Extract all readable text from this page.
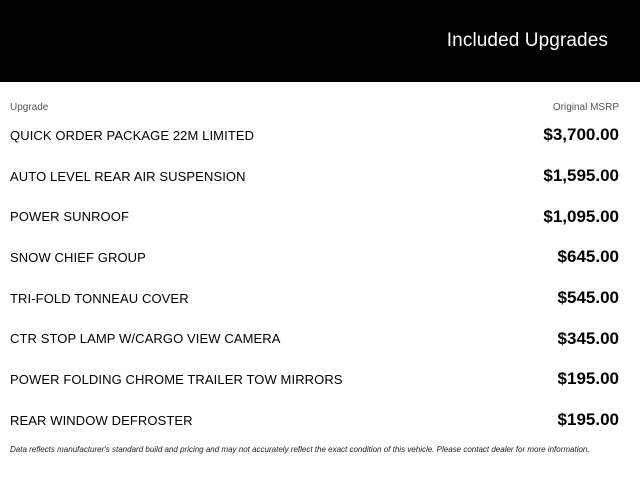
Included Upgrades
Upgrade	Original MSRP
QUICK ORDER PACKAGE 22M LIMITED	$3,700.00
AUTO LEVEL REAR AIR SUSPENSION	$1,595.00
POWER SUNROOF	$1,095.00
SNOW CHIEF GROUP	$645.00
TRI-FOLD TONNEAU COVER	$545.00
CTR STOP LAMP W/CARGO VIEW CAMERA	$345.00
POWER FOLDING CHROME TRAILER TOW MIRRORS	$195.00
REAR WINDOW DEFROSTER	$195.00
Data reflects manufacturer's standard build and pricing and may not accurately reflect the exact condition of this vehicle. Please contact dealer for more information.
